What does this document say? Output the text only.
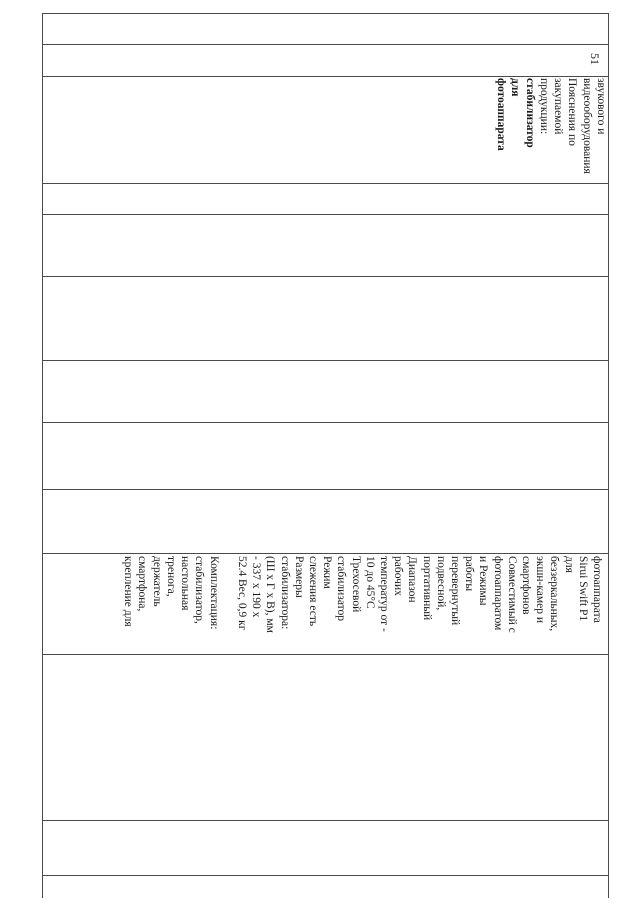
51
звукового и
видеооборудования
Пояснения по
закупаемой
продукции:
стабилизатор
для
фотоаппарата
фотоаппарата
Sirui Swift P1
для
беззеркальных,
экшн-камер и
смартфонов
Совместимый с
фотоаппаратом
и Режимы
работы
перевернутый
подвесной,
портативный
Диапазон
рабочих
температур от -
10 до 45°C
Трехосевой
стабилизатор
Режим
слежения есть
Размеры
стабилизатора:
(Ш х Г х В), мм
- 337 х 190 х
52.4 Вес, 0,9 кг

Комплектация:
стабилизатор,
настольная
тренога,
держатель
смартфона,
крепление для
